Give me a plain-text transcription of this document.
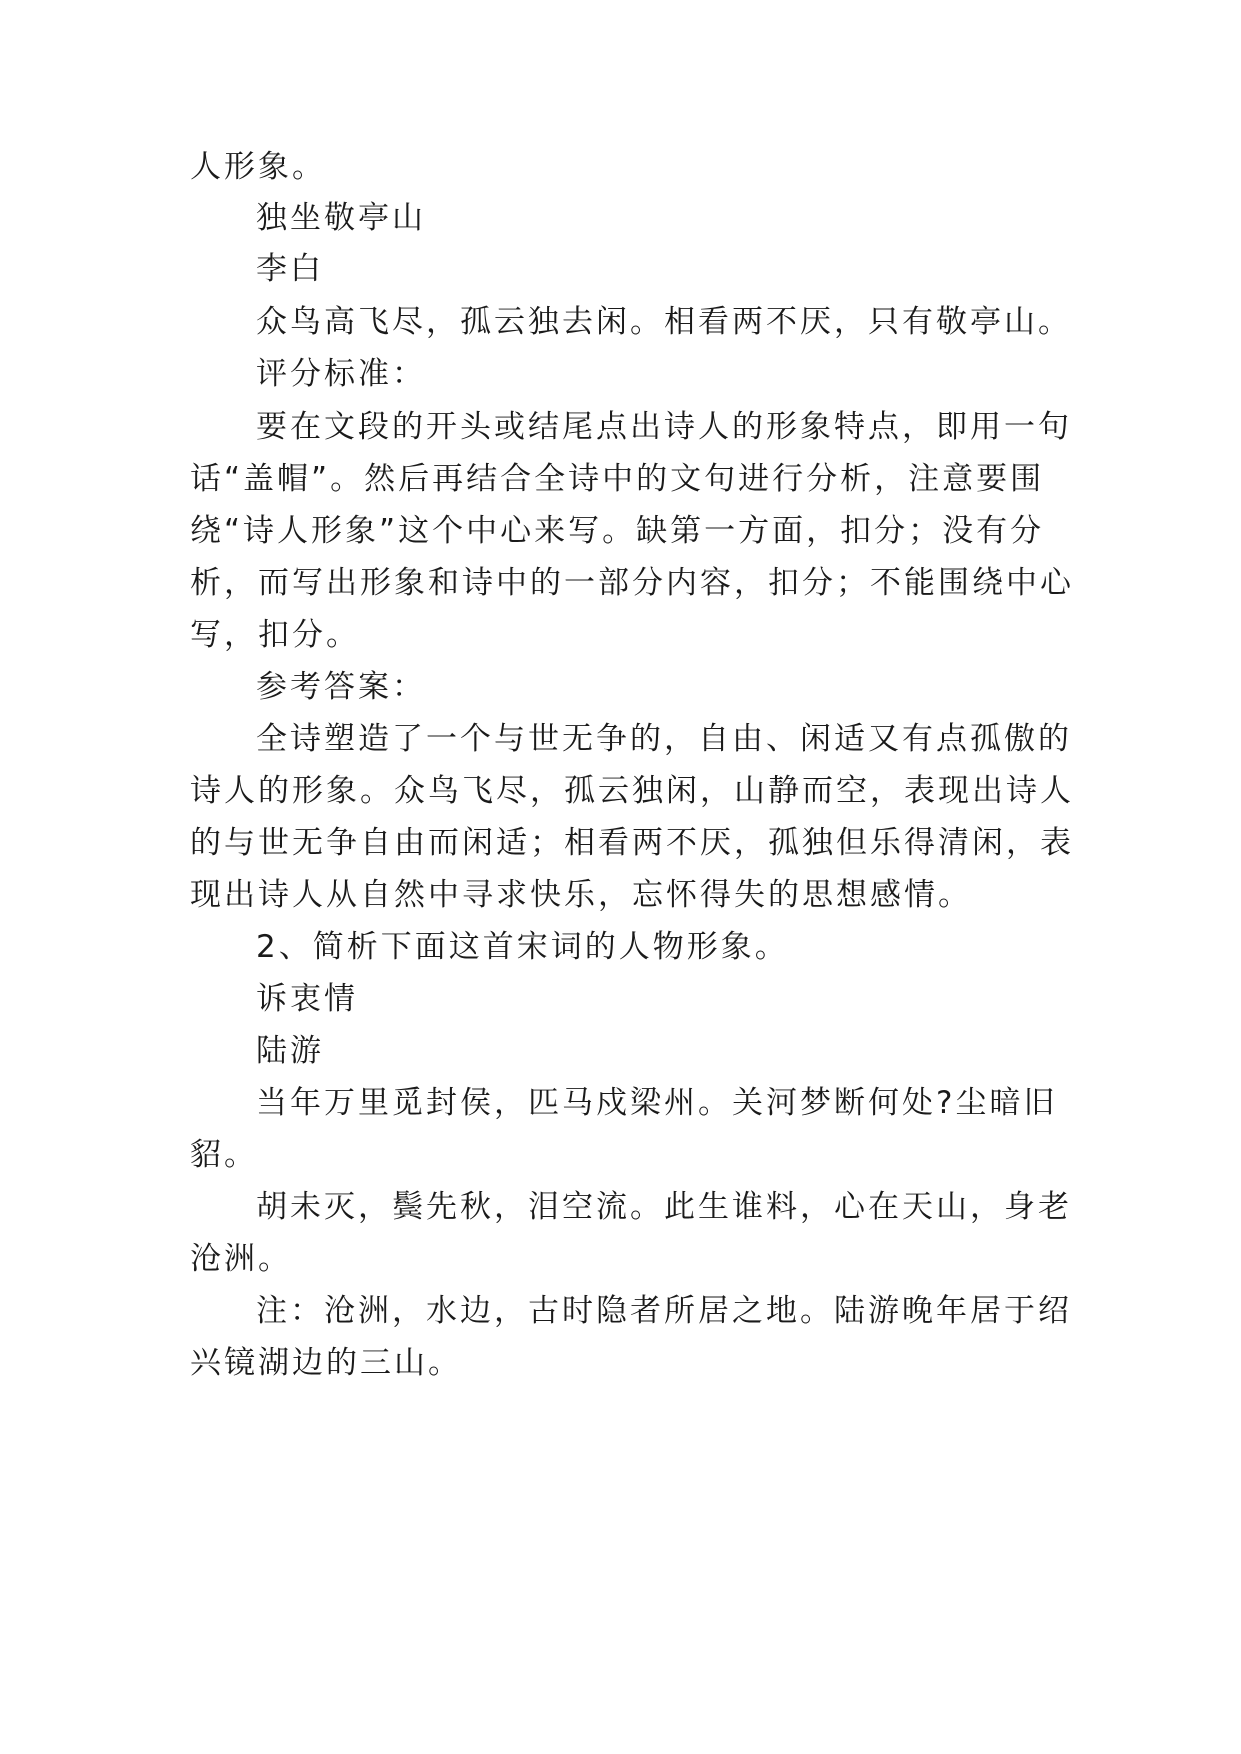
人形象。
独坐敬亭山
李白
众鸟高飞尽，孤云独去闲。相看两不厌，只有敬亭山。
评分标准：
要在文段的开头或结尾点出诗人的形象特点，即用一句
话“盖帽”。然后再结合全诗中的文句进行分析，注意要围
绕“诗人形象”这个中心来写。缺第一方面，扣分；没有分
析，而写出形象和诗中的一部分内容，扣分；不能围绕中心
写，扣分。
参考答案：
全诗塑造了一个与世无争的，自由、闲适又有点孤傲的
诗人的形象。众鸟飞尽，孤云独闲，山静而空，表现出诗人
的与世无争自由而闲适；相看两不厌，孤独但乐得清闲，表
现出诗人从自然中寻求快乐，忘怀得失的思想感情。
2、简析下面这首宋词的人物形象。
诉衷情
陆游
当年万里觅封侯，匹马戍梁州。关河梦断何处?尘暗旧
貂。
胡未灭，鬓先秋，泪空流。此生谁料，心在天山，身老
沧洲。
注：沧洲，水边，古时隐者所居之地。陆游晚年居于绍
兴镜湖边的三山。
